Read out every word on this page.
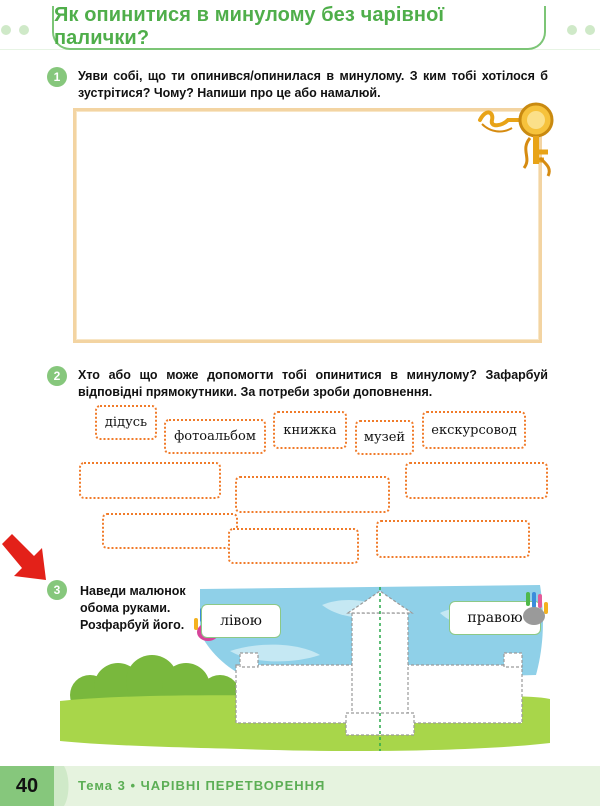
Як опинитися в минулому без чарівної палички?
1	Уяви собі, що ти опинився/опинилася в минулому. З ким тобі хотілося б зустрітися? Чому? Напиши про це або намалюй.
2	Хто або що може допомогти тобі опинитися в минулому? Зафарбуй відповідні прямокутники. За потреби зроби доповнення.
дідусь
фотоальбом	книжка	музей	екскурсовод
3	Наведи малюнок
обома руками.
Розфарбуй його.	лівою	правою
40	Тема 3 • ЧАРІВНІ ПЕРЕТВОРЕННЯ
